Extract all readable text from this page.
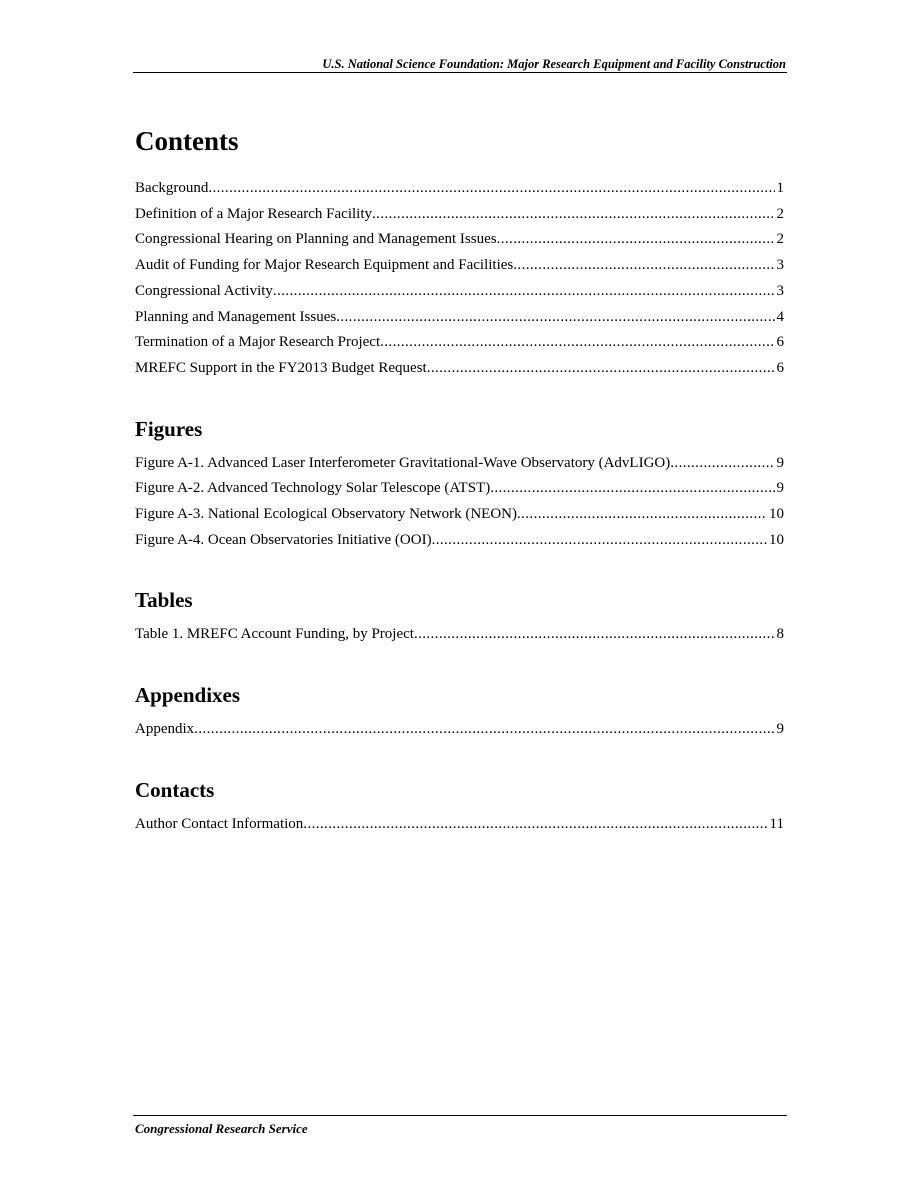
U.S. National Science Foundation: Major Research Equipment and Facility Construction
Contents
Background .....	1
Definition of a Major Research Facility .....	2
Congressional Hearing on Planning and Management Issues .....	2
Audit of Funding for Major Research Equipment and Facilities .....	3
Congressional Activity .....	3
Planning and Management Issues .....	4
Termination of a Major Research Project .....	6
MREFC Support in the FY2013 Budget Request .....	6
Figures
Figure A-1. Advanced Laser Interferometer Gravitational-Wave Observatory (AdvLIGO) .....	9
Figure A-2. Advanced Technology Solar Telescope (ATST) .....	9
Figure A-3. National Ecological Observatory Network (NEON) .....	10
Figure A-4. Ocean Observatories Initiative (OOI) .....	10
Tables
Table 1. MREFC Account Funding, by Project .....	8
Appendixes
Appendix .....	9
Contacts
Author Contact Information .....	11
Congressional Research Service
